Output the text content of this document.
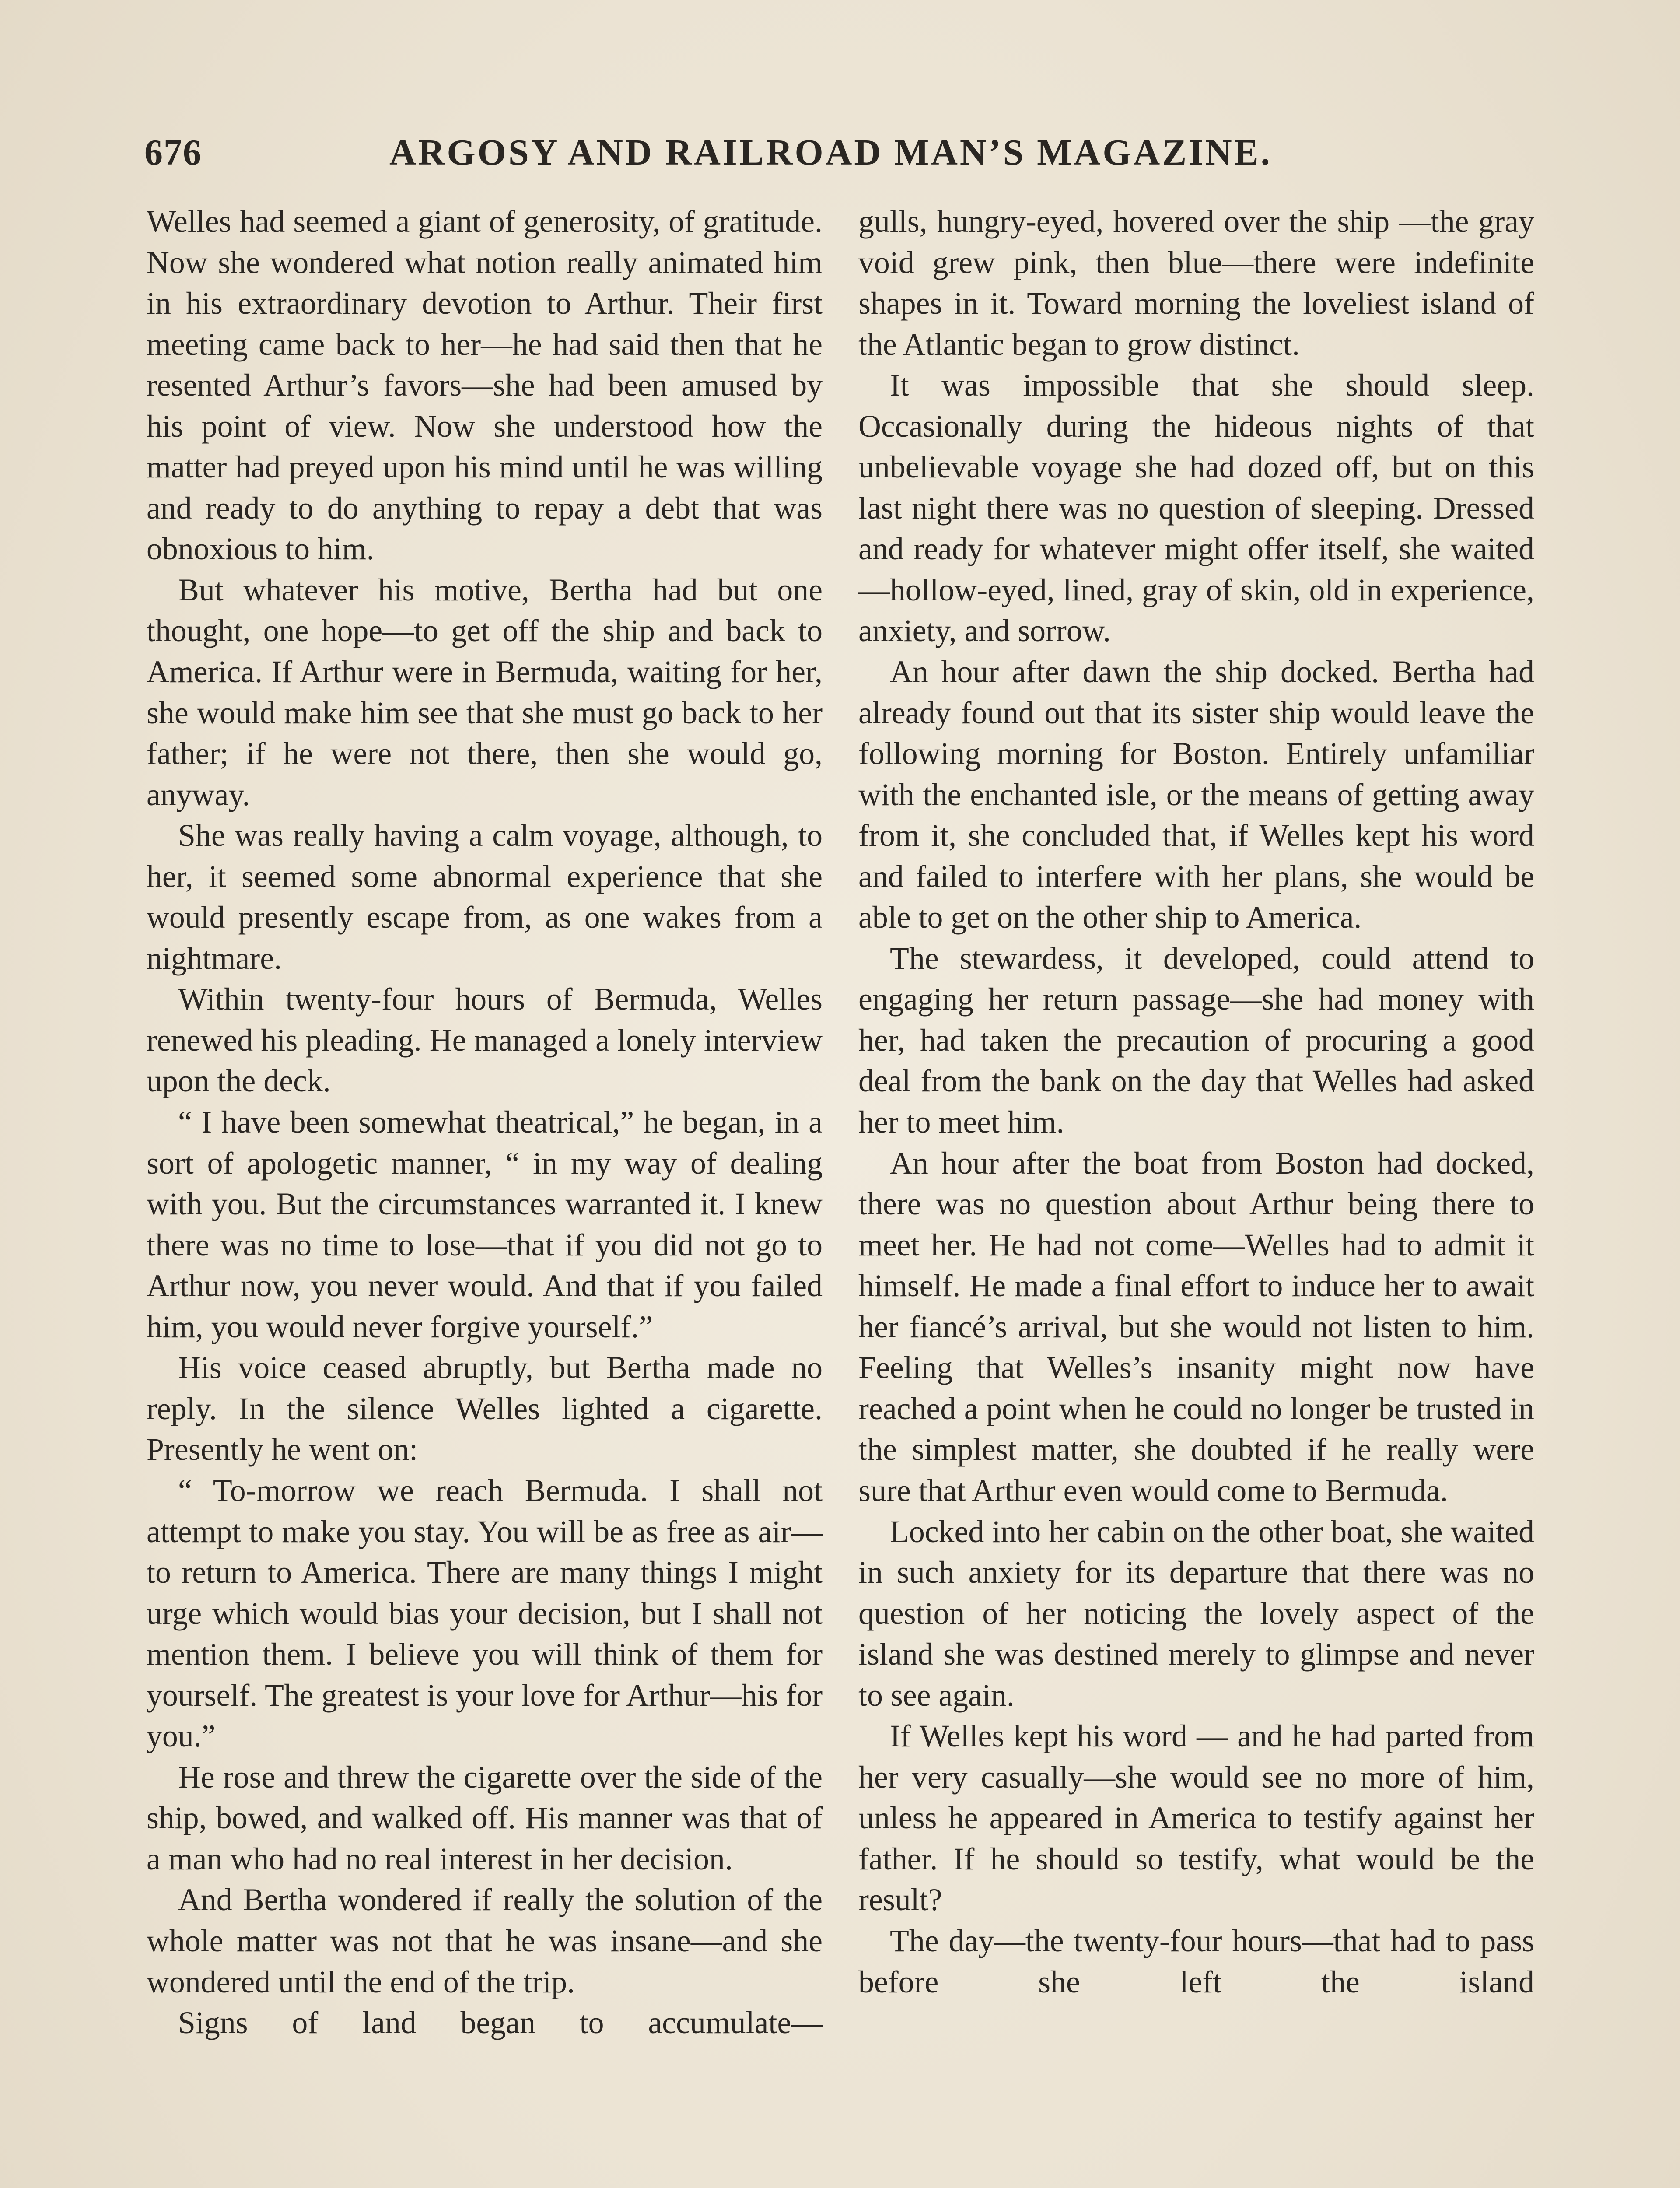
676	ARGOSY AND RAILROAD MAN’S MAGAZINE.

Welles had seemed a giant of generosity, of gratitude. Now she wondered what notion really animated him in his extraordinary devotion to Arthur. Their first meeting came back to her—he had said then that he resented Arthur’s favors—she had been amused by his point of view. Now she understood how the matter had preyed upon his mind until he was willing and ready to do anything to repay a debt that was obnoxious to him.

But whatever his motive, Bertha had but one thought, one hope—to get off the ship and back to America. If Arthur were in Bermuda, waiting for her, she would make him see that she must go back to her father; if he were not there, then she would go, anyway.

She was really having a calm voyage, although, to her, it seemed some abnormal experience that she would presently escape from, as one wakes from a nightmare.

Within twenty-four hours of Bermuda, Welles renewed his pleading. He managed a lonely interview upon the deck.

“ I have been somewhat theatrical,” he began, in a sort of apologetic manner, “ in my way of dealing with you. But the circumstances warranted it. I knew there was no time to lose—that if you did not go to Arthur now, you never would. And that if you failed him, you would never forgive yourself.”

His voice ceased abruptly, but Bertha made no reply. In the silence Welles lighted a cigarette. Presently he went on:

“ To-morrow we reach Bermuda. I shall not attempt to make you stay. You will be as free as air—to return to America. There are many things I might urge which would bias your decision, but I shall not mention them. I believe you will think of them for yourself. The greatest is your love for Arthur—his for you.”

He rose and threw the cigarette over the side of the ship, bowed, and walked off. His manner was that of a man who had no real interest in her decision.

And Bertha wondered if really the solution of the whole matter was not that he was insane—and she wondered until the end of the trip.

Signs of land began to accumulate—

gulls, hungry-eyed, hovered over the ship —the gray void grew pink, then blue—there were indefinite shapes in it. Toward morning the loveliest island of the Atlantic began to grow distinct.

It was impossible that she should sleep. Occasionally during the hideous nights of that unbelievable voyage she had dozed off, but on this last night there was no question of sleeping. Dressed and ready for whatever might offer itself, she waited—hollow-eyed, lined, gray of skin, old in experience, anxiety, and sorrow.

An hour after dawn the ship docked. Bertha had already found out that its sister ship would leave the following morning for Boston. Entirely unfamiliar with the enchanted isle, or the means of getting away from it, she concluded that, if Welles kept his word and failed to interfere with her plans, she would be able to get on the other ship to America.

The stewardess, it developed, could attend to engaging her return passage—she had money with her, had taken the precaution of procuring a good deal from the bank on the day that Welles had asked her to meet him.

An hour after the boat from Boston had docked, there was no question about Arthur being there to meet her. He had not come—Welles had to admit it himself. He made a final effort to induce her to await her fiancé’s arrival, but she would not listen to him. Feeling that Welles’s insanity might now have reached a point when he could no longer be trusted in the simplest matter, she doubted if he really were sure that Arthur even would come to Bermuda.

Locked into her cabin on the other boat, she waited in such anxiety for its departure that there was no question of her noticing the lovely aspect of the island she was destined merely to glimpse and never to see again.

If Welles kept his word — and he had parted from her very casually—she would see no more of him, unless he appeared in America to testify against her father. If he should so testify, what would be the result?

The day—the twenty-four hours—that had to pass before she left the island
